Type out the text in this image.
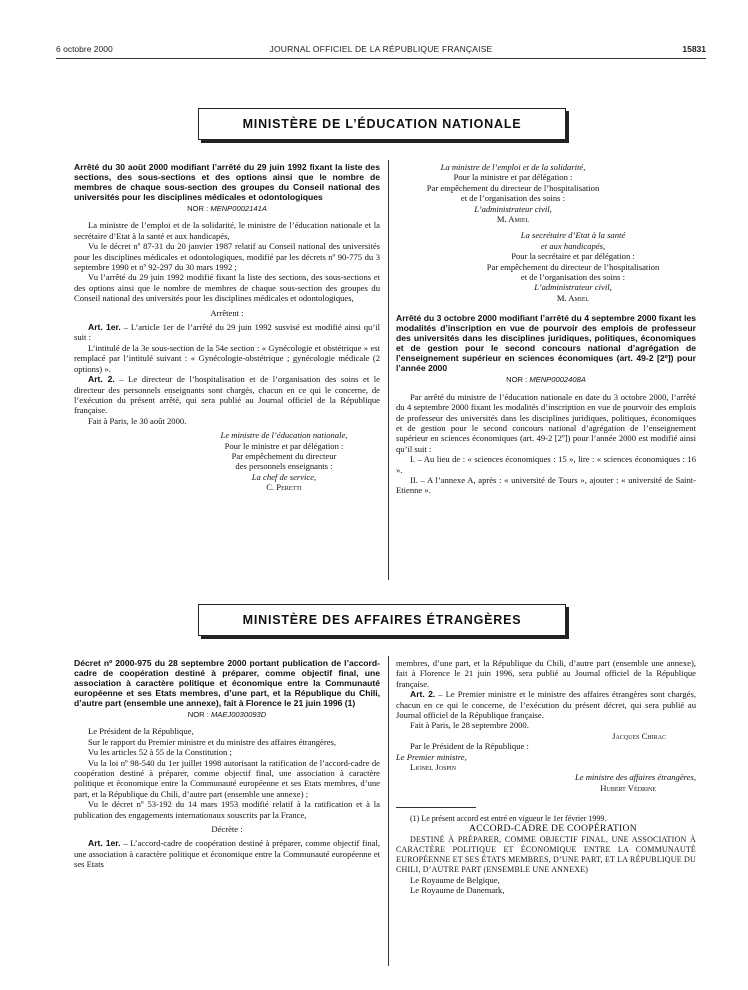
6 octobre 2000	JOURNAL OFFICIEL DE LA RÉPUBLIQUE FRANÇAISE	15831
MINISTÈRE DE L’ÉDUCATION NATIONALE

Arrêté du 30 août 2000 modifiant l’arrêté du 29 juin 1992 fixant la liste des sections, des sous-sections et des options ainsi que le nombre de membres de chaque sous-section des groupes du Conseil national des universités pour les disciplines médicales et odontologiques

NOR : MENP0002141A

La ministre de l’emploi et de la solidarité, le ministre de l’éducation nationale et la secrétaire d’Etat à la santé et aux handicapés,

Vu le décret nº 87-31 du 20 janvier 1987 relatif au Conseil national des universités pour les disciplines médicales et odontologiques, modifié par les décrets nº 90-775 du 3 septembre 1990 et nº 92-297 du 30 mars 1992 ;

Vu l’arrêté du 29 juin 1992 modifié fixant la liste des sections, des sous-sections et des options ainsi que le nombre de membres de chaque sous-section des groupes du Conseil national des universités pour les disciplines médicales et odontologiques,

Arrêtent :

Art. 1er. – L’article 1er de l’arrêté du 29 juin 1992 susvisé est modifié ainsi qu’il suit :

L’intitulé de la 3e sous-section de la 54e section : « Gynécologie et obstétrique » est remplacé par l’intitulé suivant : « Gynécologie-obstétrique ; gynécologie médicale (2 options) ».

Art. 2. – Le directeur de l’hospitalisation et de l’organisation des soins et le directeur des personnels enseignants sont chargés, chacun en ce qui le concerne, de l’exécution du présent arrêté, qui sera publié au Journal officiel de la République française.

Fait à Paris, le 30 août 2000.

Le ministre de l’éducation nationale,

Pour le ministre et par délégation :

Par empêchement du directeur

des personnels enseignants :

La chef de service,

C. Peretti

La ministre de l’emploi et de la solidarité,

Pour la ministre et par délégation :

Par empêchement du directeur de l’hospitalisation

et de l’organisation des soins :

L’administrateur civil,

M. Amiel

La secrétaire d’Etat à la santé

et aux handicapés,

Pour la secrétaire et par délégation :

Par empêchement du directeur de l’hospitalisation

et de l’organisation des soins :

L’administrateur civil,

M. Amiel

Arrêté du 3 octobre 2000 modifiant l’arrêté du 4 septembre 2000 fixant les modalités d’inscription en vue de pourvoir des emplois de professeur des universités dans les disciplines juridiques, politiques, économiques et de gestion pour le second concours national d’agrégation de l’enseignement supérieur en sciences économiques (art. 49-2 [2º]) pour l’année 2000

NOR : MENP0002408A

Par arrêté du ministre de l’éducation nationale en date du 3 octobre 2000, l’arrêté du 4 septembre 2000 fixant les modalités d’inscription en vue de pourvoir des emplois de professeur des universités dans les disciplines juridiques, politiques, économiques et de gestion pour le second concours national d’agrégation de l’enseignement supérieur en sciences économiques (art. 49-2 [2º]) pour l’année 2000 est modifié ainsi qu’il suit :

I. – Au lieu de : « sciences économiques : 15 », lire : « sciences économiques : 16 ».

II. – A l’annexe A, après : « université de Tours », ajouter : « université de Saint-Etienne ».

MINISTÈRE DES AFFAIRES ÉTRANGÈRES

Décret nº 2000-975 du 28 septembre 2000 portant publication de l’accord-cadre de coopération destiné à préparer, comme objectif final, une association à caractère politique et économique entre la Communauté européenne et ses Etats membres, d’une part, et la République du Chili, d’autre part (ensemble une annexe), fait à Florence le 21 juin 1996 (1)

NOR : MAEJ0030093D

Le Président de la République,

Sur le rapport du Premier ministre et du ministre des affaires étrangères,

Vu les articles 52 à 55 de la Constitution ;

Vu la loi nº 98-540 du 1er juillet 1998 autorisant la ratification de l’accord-cadre de coopération destiné à préparer, comme objectif final, une association à caractère politique et économique entre la Communauté européenne et ses Etats membres, d’une part, et la République du Chili, d’autre part (ensemble une annexe) ;

Vu le décret nº 53-192 du 14 mars 1953 modifié relatif à la ratification et à la publication des engagements internationaux souscrits par la France,

Décrète :

Art. 1er. – L’accord-cadre de coopération destiné à préparer, comme objectif final, une association à caractère politique et économique entre la Communauté européenne et ses Etats

membres, d’une part, et la République du Chili, d’autre part (ensemble une annexe), fait à Florence le 21 juin 1996, sera publié au Journal officiel de la République française.

Art. 2. – Le Premier ministre et le ministre des affaires étrangères sont chargés, chacun en ce qui le concerne, de l’exécution du présent décret, qui sera publié au Journal officiel de la République française.

Fait à Paris, le 28 septembre 2000.

Jacques Chirac

Par le Président de la République :

Le Premier ministre,

Lionel Jospin

Le ministre des affaires étrangères,

Hubert Védrine

(1) Le présent accord est entré en vigueur le 1er février 1999.

ACCORD-CADRE DE COOPÉRATION

DESTINÉ À PRÉPARER, COMME OBJECTIF FINAL, UNE ASSOCIATION À CARACTÈRE POLITIQUE ET ÉCONOMIQUE ENTRE LA COMMUNAUTÉ EUROPÉENNE ET SES ÉTATS MEMBRES, D’UNE PART, ET LA RÉPUBLIQUE DU CHILI, D’AUTRE PART (ENSEMBLE UNE ANNEXE)

Le Royaume de Belgique,

Le Royaume de Danemark,
